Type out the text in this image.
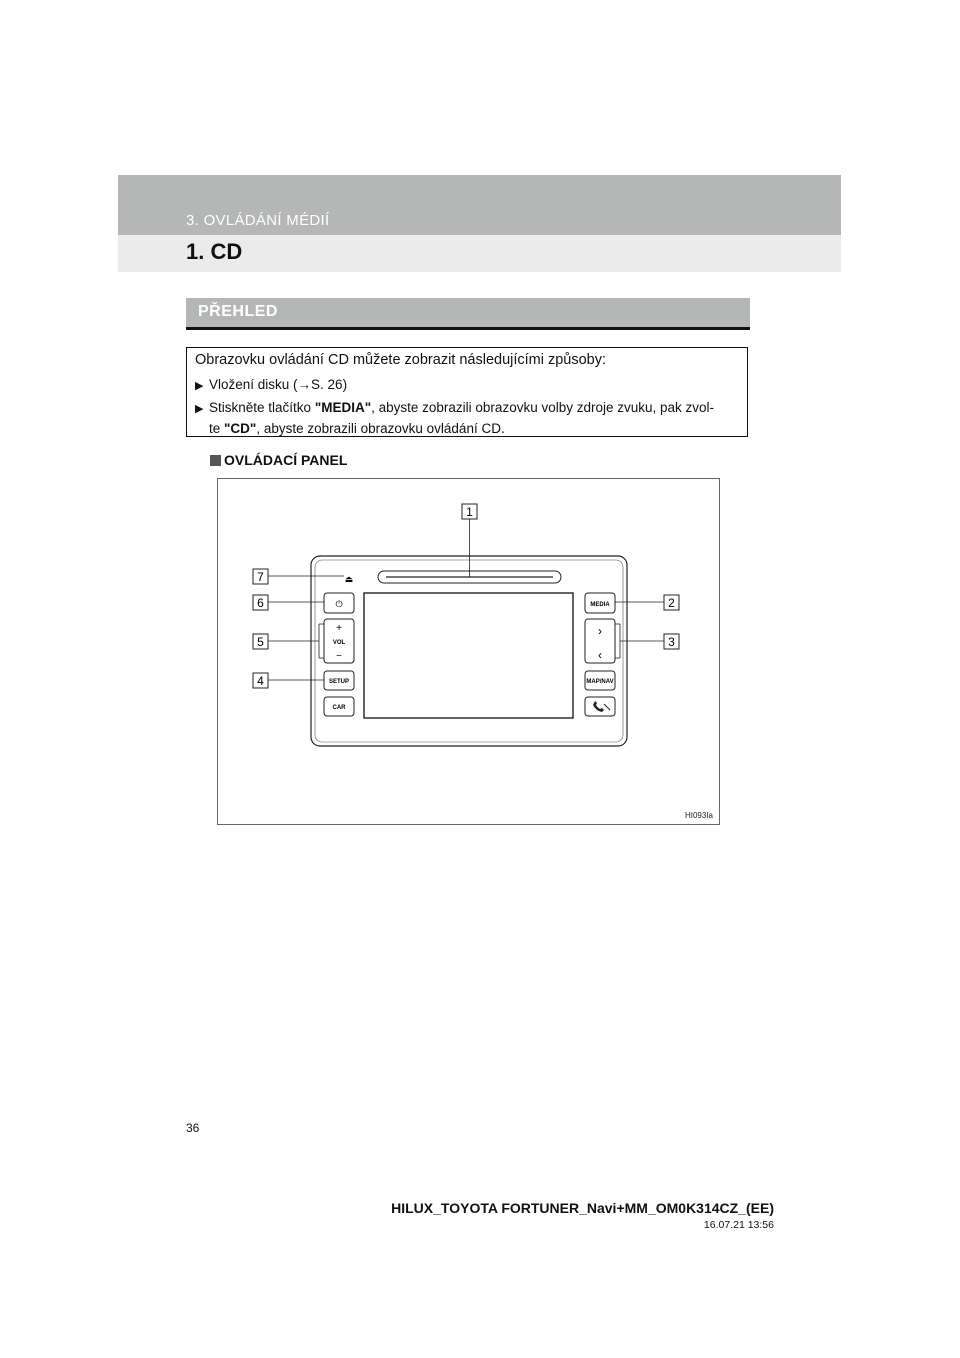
3. OVLÁDÁNÍ MÉDIÍ
1. CD
PŘEHLED
Obrazovku ovládání CD můžete zobrazit následujícími způsoby:
▶ Vložení disku (→S. 26)
▶ Stiskněte tlačítko "MEDIA", abyste zobrazili obrazovku volby zdroje zvuku, pak zvol-
te "CD", abyste zobrazili obrazovku ovládání CD.
OVLÁDACÍ PANEL
⏏
⏻
+
VOL
−
SETUP
CAR
MEDIA
›
‹
MAP/NAV
1
7
6
5
4
2
3
HI093Ia
36
HILUX_TOYOTA FORTUNER_Navi+MM_OM0K314CZ_(EE)
16.07.21 13:56
